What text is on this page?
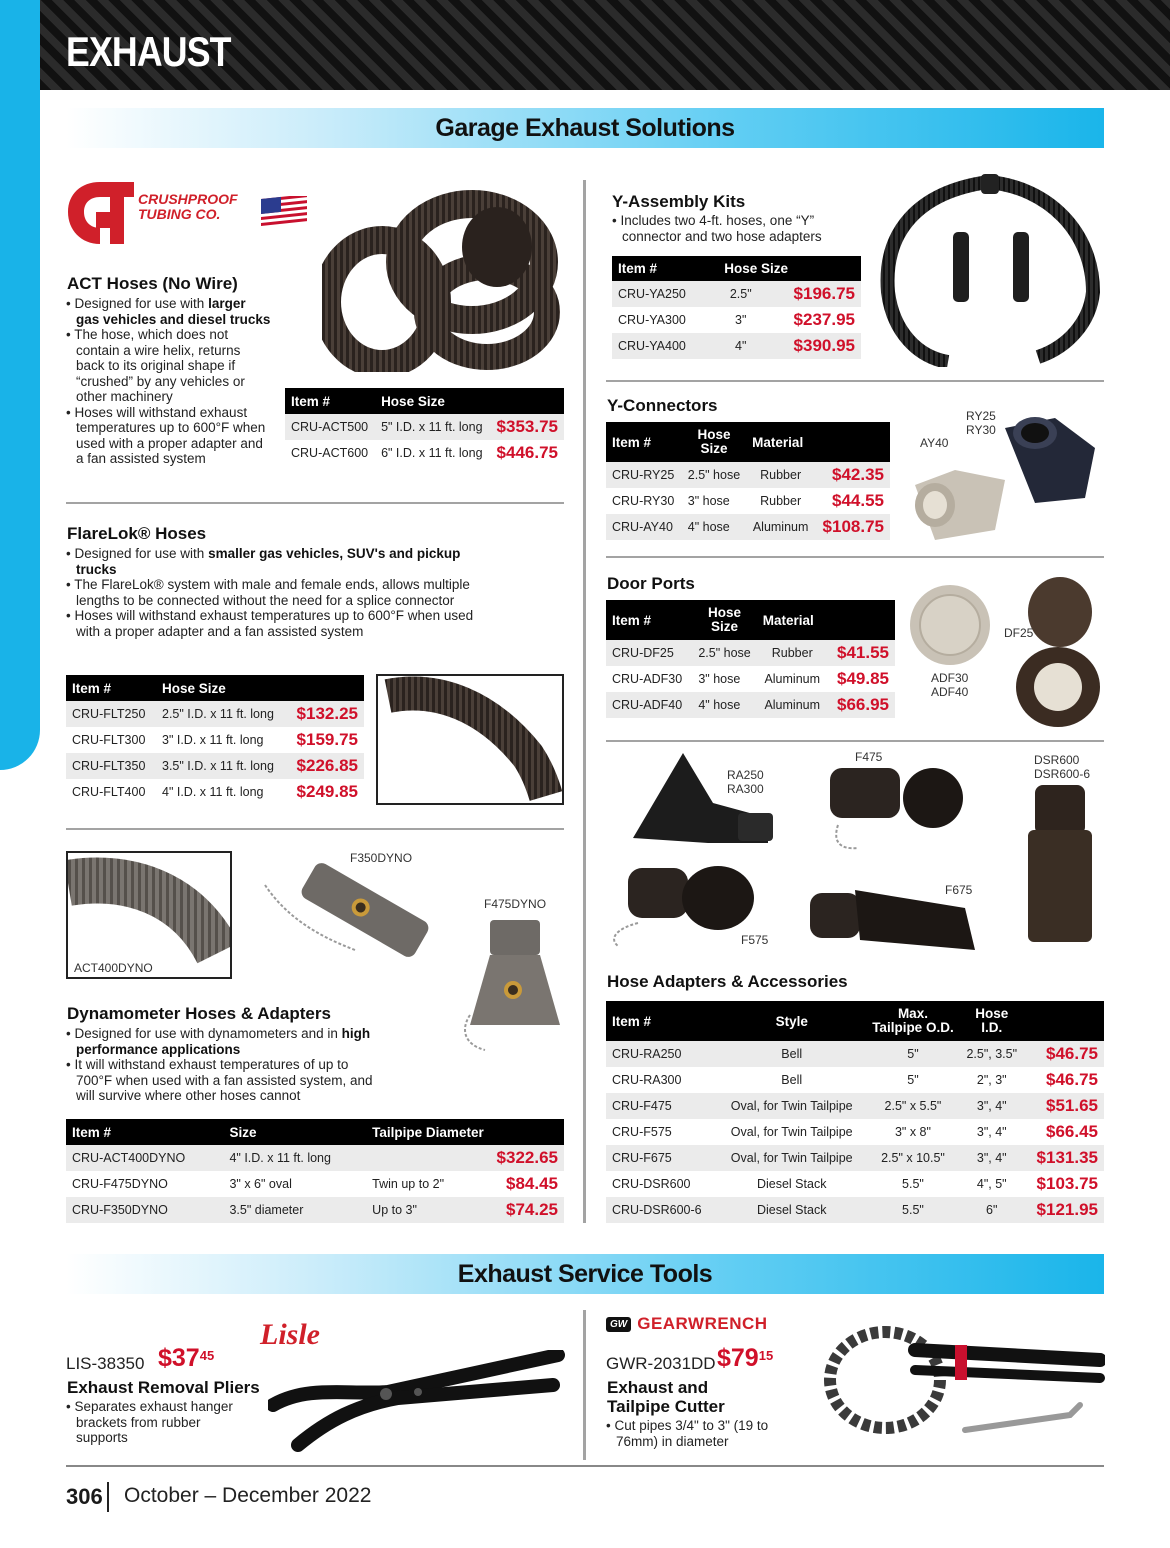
EXHAUST
Garage Exhaust Solutions
CRUSHPROOF
TUBING CO.
ACT Hoses (No Wire)
• Designed for use with larger gas vehicles and diesel trucks
• The hose, which does not contain a wire helix, returns back to its original shape if “crushed” by any vehicles or other machinery
• Hoses will withstand exhaust temperatures up to 600°F when used with a proper adapter and a fan assisted system
Item #	Hose Size	
CRU-ACT500	5" I.D. x 11 ft. long	$353.75
CRU-ACT600	6" I.D. x 11 ft. long	$446.75
FlareLok® Hoses
• Designed for use with smaller gas vehicles, SUV's and pickup trucks
• The FlareLok® system with male and female ends, allows multiple lengths to be connected without the need for a splice connector
• Hoses will withstand exhaust temperatures up to 600°F when used with a proper adapter and a fan assisted system
Item #	Hose Size	
CRU-FLT250	2.5" I.D. x 11 ft. long	$132.25
CRU-FLT300	3" I.D. x 11 ft. long	$159.75
CRU-FLT350	3.5" I.D. x 11 ft. long	$226.85
CRU-FLT400	4" I.D. x 11 ft. long	$249.85
ACT400DYNO
F350DYNO
F475DYNO
Dynamometer Hoses & Adapters
• Designed for use with dynamometers and in high performance applications
• It will withstand exhaust temperatures of up to 700°F when used with a fan assisted system, and will survive where other hoses cannot
Item #	Size	Tailpipe Diameter	
CRU-ACT400DYNO	4" I.D. x 11 ft. long		$322.65
CRU-F475DYNO	3" x 6" oval	Twin up to 2"	$84.45
CRU-F350DYNO	3.5" diameter	Up to 3"	$74.25
Y-Assembly Kits
• Includes two 4-ft. hoses, one “Y” connector and two hose adapters
Item #	Hose Size	
CRU-YA250	2.5"	$196.75
CRU-YA300	3"	$237.95
CRU-YA400	4"	$390.95
Y-Connectors
Item #	Hose Size	Material	
CRU-RY25	2.5" hose	Rubber	$42.35
CRU-RY30	3" hose	Rubber	$44.55
CRU-AY40	4" hose	Aluminum	$108.75
RY25
RY30
AY40
Door Ports
Item #	Hose Size	Material	
CRU-DF25	2.5" hose	Rubber	$41.55
CRU-ADF30	3" hose	Aluminum	$49.85
CRU-ADF40	4" hose	Aluminum	$66.95
ADF30
ADF40
DF25
RA250
RA300
F475	DSR600
DSR600-6
F575
F675
Hose Adapters & Accessories
Item #	Style	Max. Tailpipe O.D.	Hose I.D.	
CRU-RA250	Bell	5"	2.5", 3.5"	$46.75
CRU-RA300	Bell	5"	2", 3"	$46.75
CRU-F475	Oval, for Twin Tailpipe	2.5" x 5.5"	3", 4"	$51.65
CRU-F575	Oval, for Twin Tailpipe	3" x 8"	3", 4"	$66.45
CRU-F675	Oval, for Twin Tailpipe	2.5" x 10.5"	3", 4"	$131.35
CRU-DSR600	Diesel Stack	5.5"	4", 5"	$103.75
CRU-DSR600-6	Diesel Stack	5.5"	6"	$121.95
Exhaust Service Tools
Lisle
LIS-38350 $\$37^{45}$
Exhaust Removal Pliers
• Separates exhaust hanger brackets from rubber supports
GW GEARWRENCH
GWR-2031DD $\$79^{15}$
Exhaust and
Tailpipe Cutter
• Cut pipes 3/4" to 3" (19 to 76mm) in diameter
306 October – December 2022
